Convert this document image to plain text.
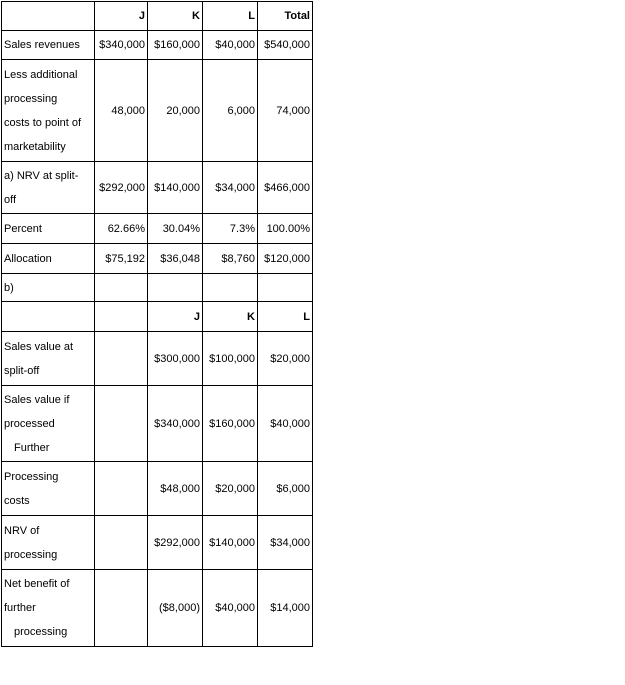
	J	K	L	Total

Sales revenues	$340,000	$160,000	$40,000	$540,000

Less additional
processing
costs to point of
marketability	48,000	20,000	6,000	74,000

a) NRV at split-
off	$292,000	$140,000	$34,000	$466,000

Percent	62.66%	30.04%	7.3%	100.00%

Allocation	$75,192	$36,048	$8,760	$120,000
b)				
		J	K	L

Sales value at
split-off		$300,000	$100,000	$20,000

Sales value if
processed
Further		$340,000	$160,000	$40,000

Processing
costs		$48,000	$20,000	$6,000

NRV of
processing		$292,000	$140,000	$34,000

Net benefit of
further
processing		($8,000)	$40,000	$14,000
